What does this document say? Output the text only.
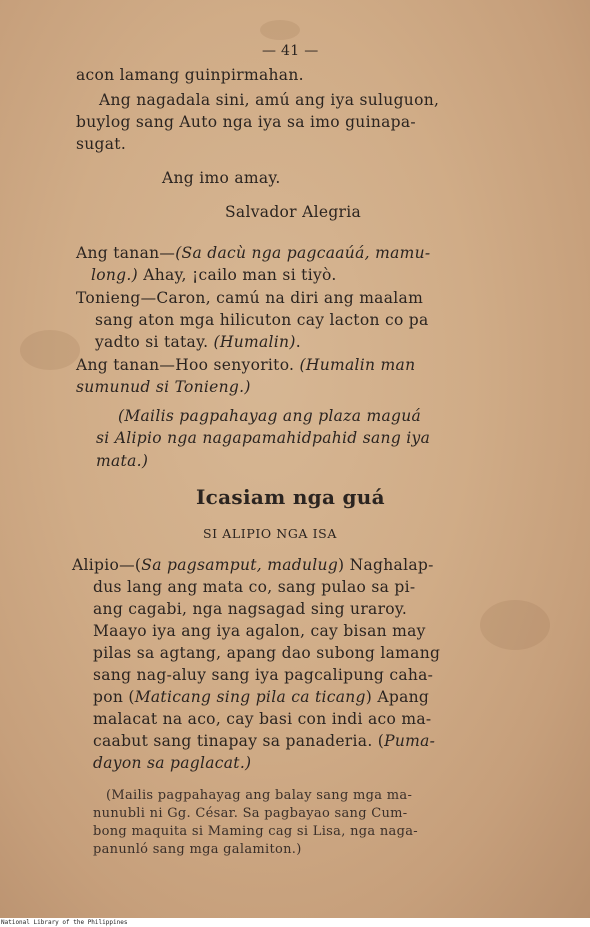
— 41 —
acon lamang guinpirmahan.
Ang nagadala sini, amú ang iya suluguon,
buylog sang Auto nga iya sa imo guinapa-
sugat.
Ang imo amay.
Salvador Alegria
Ang tanan—(Sa dacù nga pagcaaúá, mamu-
long.) Ahay, ¡cailo man si tiyò.
Tonieng—Caron, camú na diri ang maalam
sang aton mga hilicuton cay lacton co pa
yadto si tatay. (Humalin).
Ang tanan—Hoo senyorito. (Humalin man
sumunud si Tonieng.)
(Mailis pagpahayag ang plaza maguá
si Alipio nga nagapamahidpahid sang iya
mata.)
Icasiam nga guá
SI ALIPIO NGA ISA
Alipio—(Sa pagsamput, madulug) Naghalap-
dus lang ang mata co, sang pulao sa pi-
ang cagabi, nga nagsagad sing uraroy.
Maayo iya ang iya agalon, cay bisan may
pilas sa agtang, apang dao subong lamang
sang nag-aluy sang iya pagcalipung caha-
pon (Maticang sing pila ca ticang) Apang
malacat na aco, cay basi con indi aco ma-
caabut sang tinapay sa panaderia. (Puma-
dayon sa paglacat.)
(Mailis pagpahayag ang balay sang mga ma-
nunubli ni Gg. César. Sa pagbayao sang Cum-
bong maquita si Maming cag si Lisa, nga naga-
panunló sang mga galamiton.)
National Library of the Philippines
